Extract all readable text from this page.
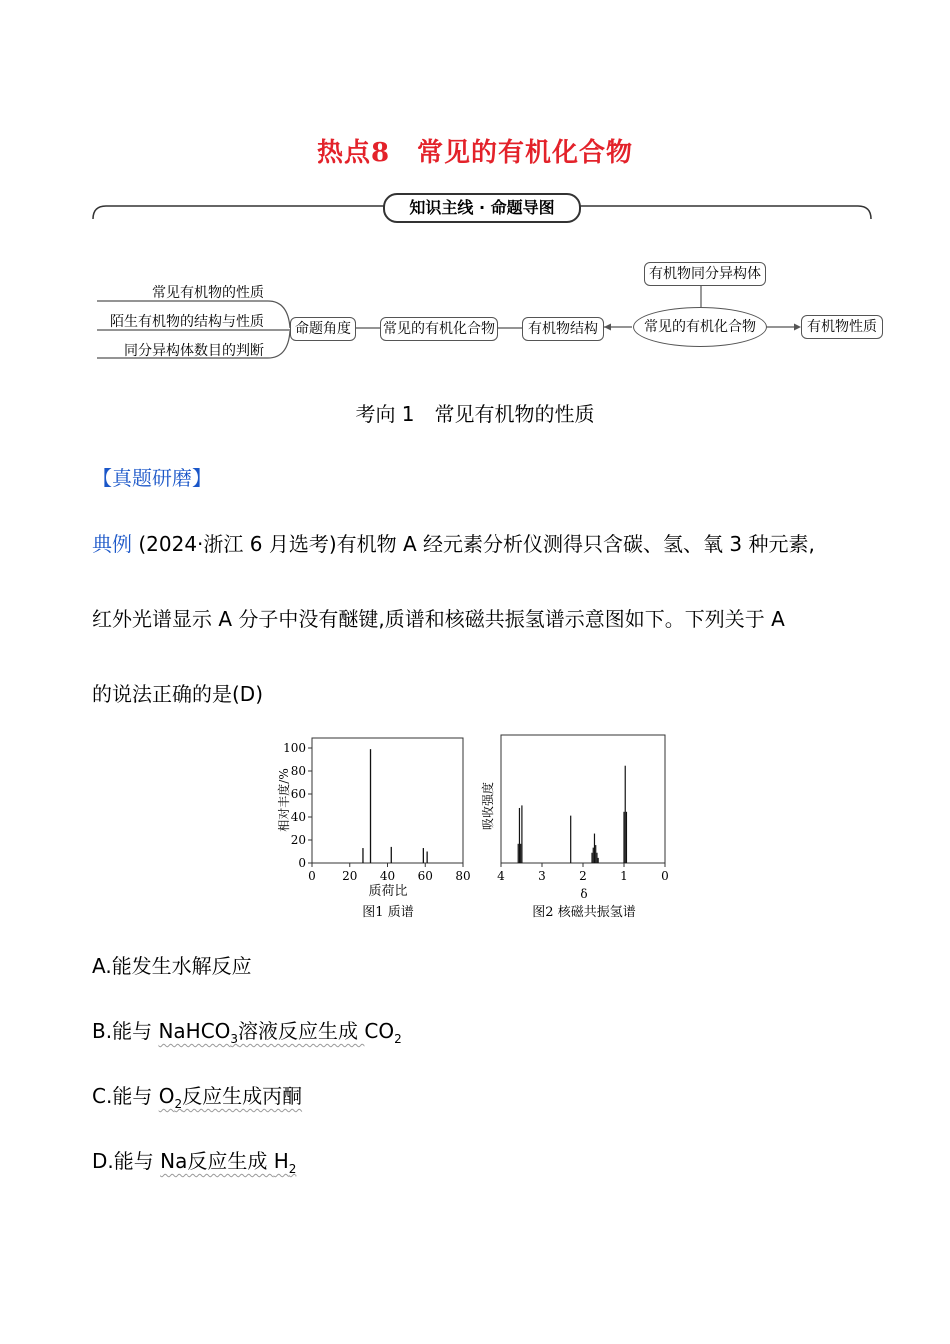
热点8　常见的有机化合物
知识主线 · 命题导图
常见有机物的性质
陌生有机物的结构与性质
同分异构体数目的判断
命题角度	常见的有机化合物	有机物结构	常见的有机化合物
有机物同分异构体
有机物性质
考向 1　常见有机物的性质
【真题研磨】
典例 (2024·浙江 6 月选考)有机物 A 经元素分析仪测得只含碳、氢、氧 3 种元素,
红外光谱显示 A 分子中没有醚键,质谱和核磁共振氢谱示意图如下。下列关于 A
的说法正确的是(D)
0
20
40
60
80
100
0 20 40 60 80
相对丰度/%
质荷比
图1 质谱
4	3	2	1	0
吸收强度
δ
图2 核磁共振氢谱
A.能发生水解反应
B.能与 NaHCO$_3$溶液反应生成 $CO_2$
C.能与 $O_2$反应生成丙酮
D.能与 Na反应生成 $H_2$
